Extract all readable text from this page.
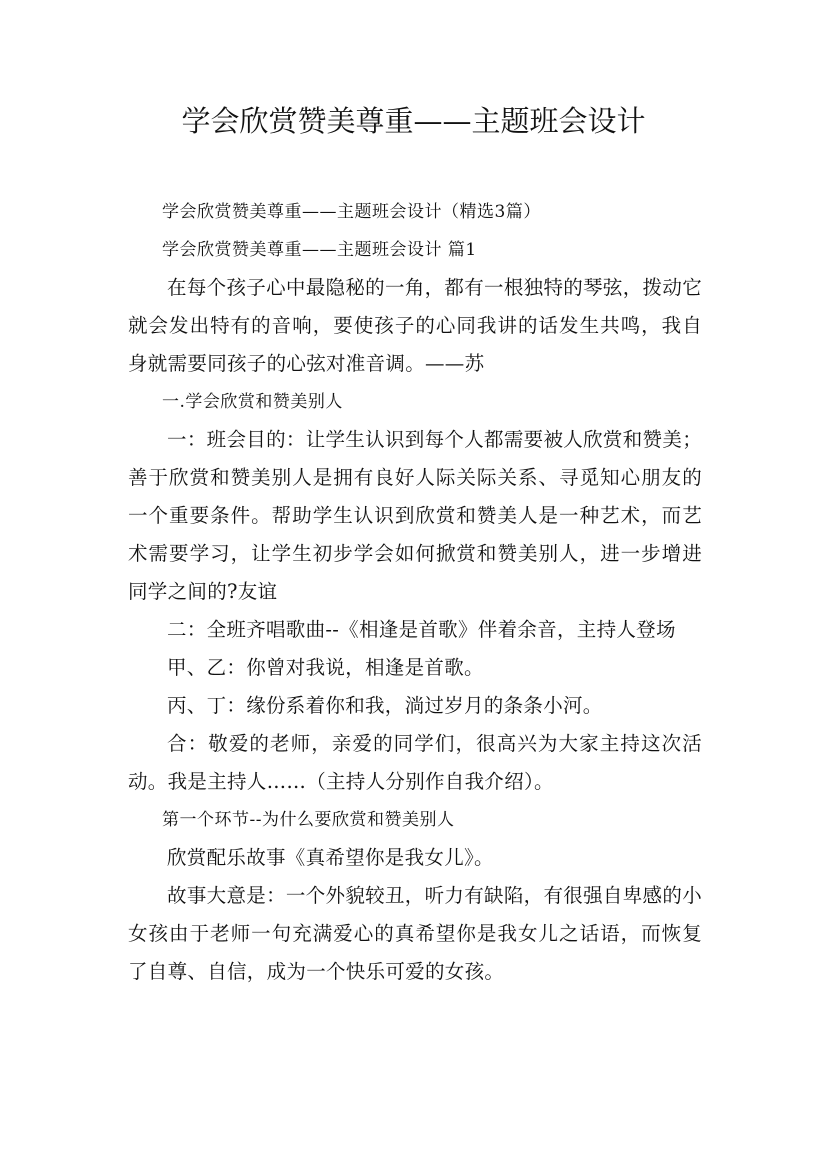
学会欣赏赞美尊重——主题班会设计

学会欣赏赞美尊重——主题班会设计（精选3篇）

学会欣赏赞美尊重——主题班会设计 篇1

在每个孩子心中最隐秘的一角，都有一根独特的琴弦，拨动它就会发出特有的音响，要使孩子的心同我讲的话发生共鸣，我自身就需要同孩子的心弦对准音调。——苏

一.学会欣赏和赞美别人

一：班会目的：让学生认识到每个人都需要被人欣赏和赞美；善于欣赏和赞美别人是拥有良好人际关际关系、寻觅知心朋友的一个重要条件。帮助学生认识到欣赏和赞美人是一种艺术，而艺术需要学习，让学生初步学会如何掀赏和赞美别人，进一步增进同学之间的?友谊

二：全班齐唱歌曲--《相逢是首歌》伴着余音，主持人登场

甲、乙：你曾对我说，相逢是首歌。

丙、丁：缘份系着你和我，淌过岁月的条条小河。

合：敬爱的老师，亲爱的同学们，很高兴为大家主持这次活动。我是主持人……（主持人分别作自我介绍）。

第一个环节--为什么要欣赏和赞美别人

欣赏配乐故事《真希望你是我女儿》。

故事大意是：一个外貌较丑，听力有缺陷，有很强自卑感的小女孩由于老师一句充满爱心的真希望你是我女儿之话语，而恢复了自尊、自信，成为一个快乐可爱的女孩。
